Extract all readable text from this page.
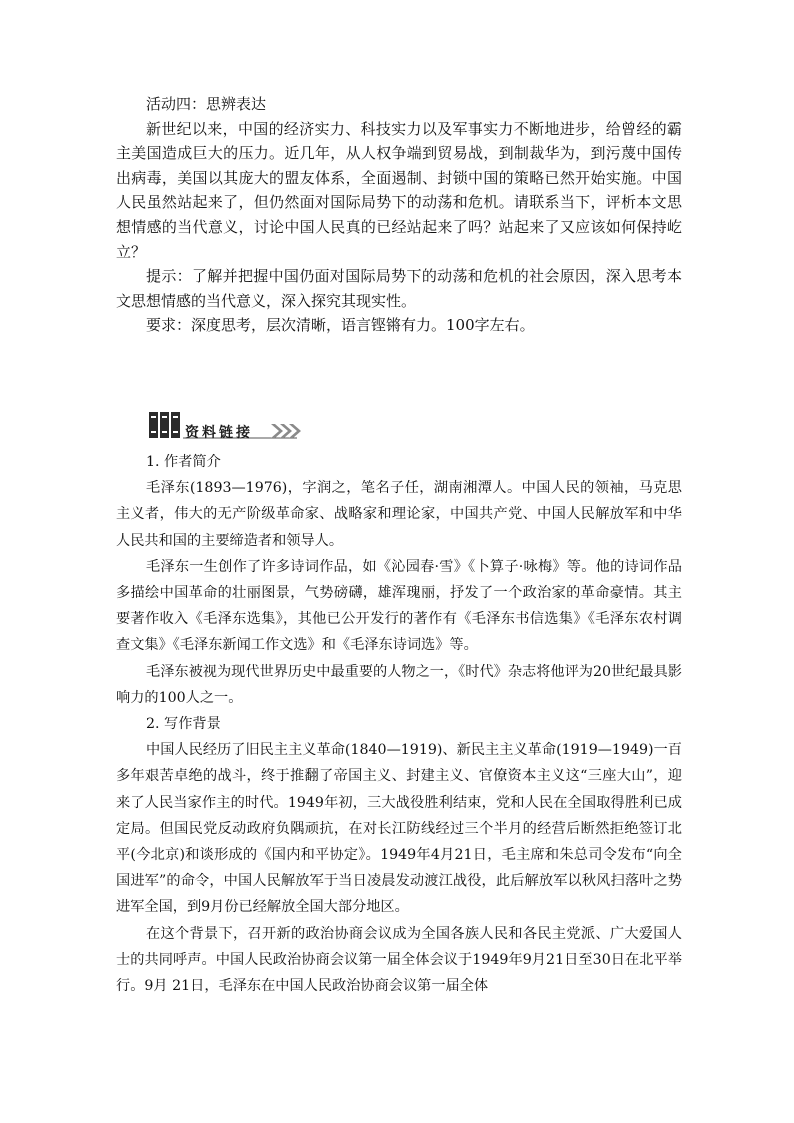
活动四：思辨表达

新世纪以来，中国的经济实力、科技实力以及军事实力不断地进步，给曾经的霸主美国造成巨大的压力。近几年，从人权争端到贸易战，到制裁华为，到污蔑中国传出病毒，美国以其庞大的盟友体系，全面遏制、封锁中国的策略已然开始实施。中国人民虽然站起来了，但仍然面对国际局势下的动荡和危机。请联系当下，评析本文思想情感的当代意义，讨论中国人民真的已经站起来了吗？站起来了又应该如何保持屹立？

提示：了解并把握中国仍面对国际局势下的动荡和危机的社会原因，深入思考本文思想情感的当代意义，深入探究其现实性。

要求：深度思考，层次清晰，语言铿锵有力。100字左右。

资料链接

1. 作者简介

毛泽东(1893—1976)，字润之，笔名子任，湖南湘潭人。中国人民的领袖，马克思主义者，伟大的无产阶级革命家、战略家和理论家，中国共产党、中国人民解放军和中华人民共和国的主要缔造者和领导人。

毛泽东一生创作了许多诗词作品，如《沁园春·雪》《卜算子·咏梅》等。他的诗词作品多描绘中国革命的壮丽图景，气势磅礴，雄浑瑰丽，抒发了一个政治家的革命豪情。其主要著作收入《毛泽东选集》，其他已公开发行的著作有《毛泽东书信选集》《毛泽东农村调查文集》《毛泽东新闻工作文选》和《毛泽东诗词选》等。

毛泽东被视为现代世界历史中最重要的人物之一，《时代》杂志将他评为20世纪最具影响力的100人之一。

2. 写作背景

中国人民经历了旧民主主义革命(1840—1919)、新民主主义革命(1919—1949)一百多年艰苦卓绝的战斗，终于推翻了帝国主义、封建主义、官僚资本主义这“三座大山”，迎来了人民当家作主的时代。1949年初，三大战役胜利结束，党和人民在全国取得胜利已成定局。但国民党反动政府负隅顽抗，在对长江防线经过三个半月的经营后断然拒绝签订北平(今北京)和谈形成的《国内和平协定》。1949年4月21日，毛主席和朱总司令发布“向全国进军”的命令，中国人民解放军于当日凌晨发动渡江战役，此后解放军以秋风扫落叶之势进军全国，到9月份已经解放全国大部分地区。

在这个背景下，召开新的政治协商会议成为全国各族人民和各民主党派、广大爱国人士的共同呼声。中国人民政治协商会议第一届全体会议于1949年9月21日至30日在北平举行。9月 21日，毛泽东在中国人民政治协商会议第一届全体
